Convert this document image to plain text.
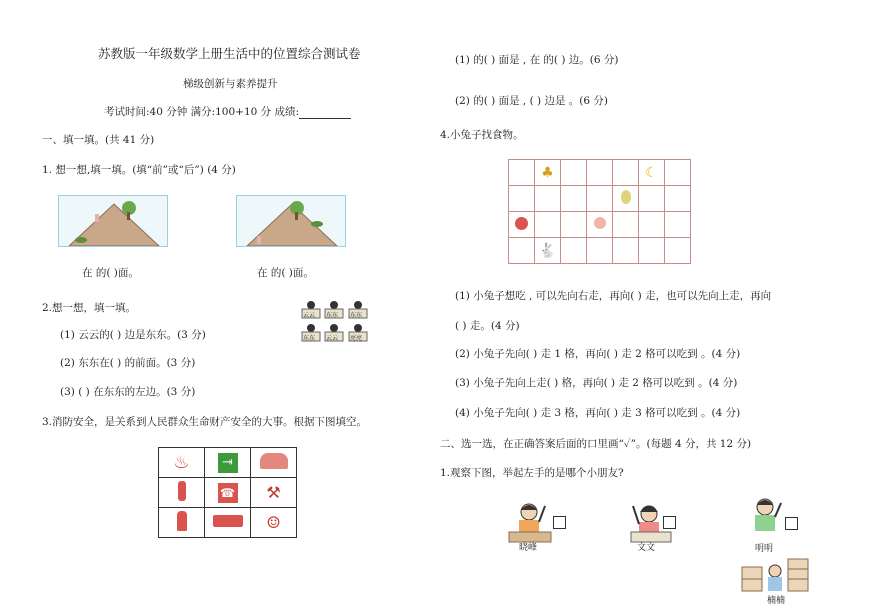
苏教版一年级数学上册生活中的位置综合测试卷
梯级创新与素养提升
考试时间:40 分钟 满分:100+10 分 成绩:
一、填一填。(共 41 分)
1. 想一想,填一填。(填“前”或“后”) (4 分)
在 的( )面。	在 的( )面。
2.想一想，填一填。
(1) 云云的( ) 边是东东。(3 分)
(2) 东东在( ) 的前面。(3 分)
(3) ( ) 在东东的左边。(3 分)
云云 东东 东东
东东 云云 亮亮
3.消防安全，是关系到人民群众生命财产安全的大事。根据下图填空。
♨	⇥	
	☎	⚒
		☺
(1) 的( ) 面是 , 在 的( ) 边。(6 分)
(2) 的( ) 面是 , ( ) 边是 。(6 分)
4.小兔子找食物。
	♣				☾	

	🐇					
(1) 小兔子想吃 , 可以先向右走，再向( ) 走，也可以先向上走，再向
( ) 走。(4 分)
(2) 小兔子先向( ) 走 1 格，再向( ) 走 2 格可以吃到 。(4 分)
(3) 小兔子先向上走( ) 格，再向( ) 走 2 格可以吃到 。(4 分)
(4) 小兔子先向( ) 走 3 格，再向( ) 走 3 格可以吃到 。(4 分)
二、选一选，在正确答案后面的口里画“✓”。(每题 4 分，共 12 分)
1.观察下图，举起左手的是哪个小朋友?
晓峰	文文	明明
楠楠
